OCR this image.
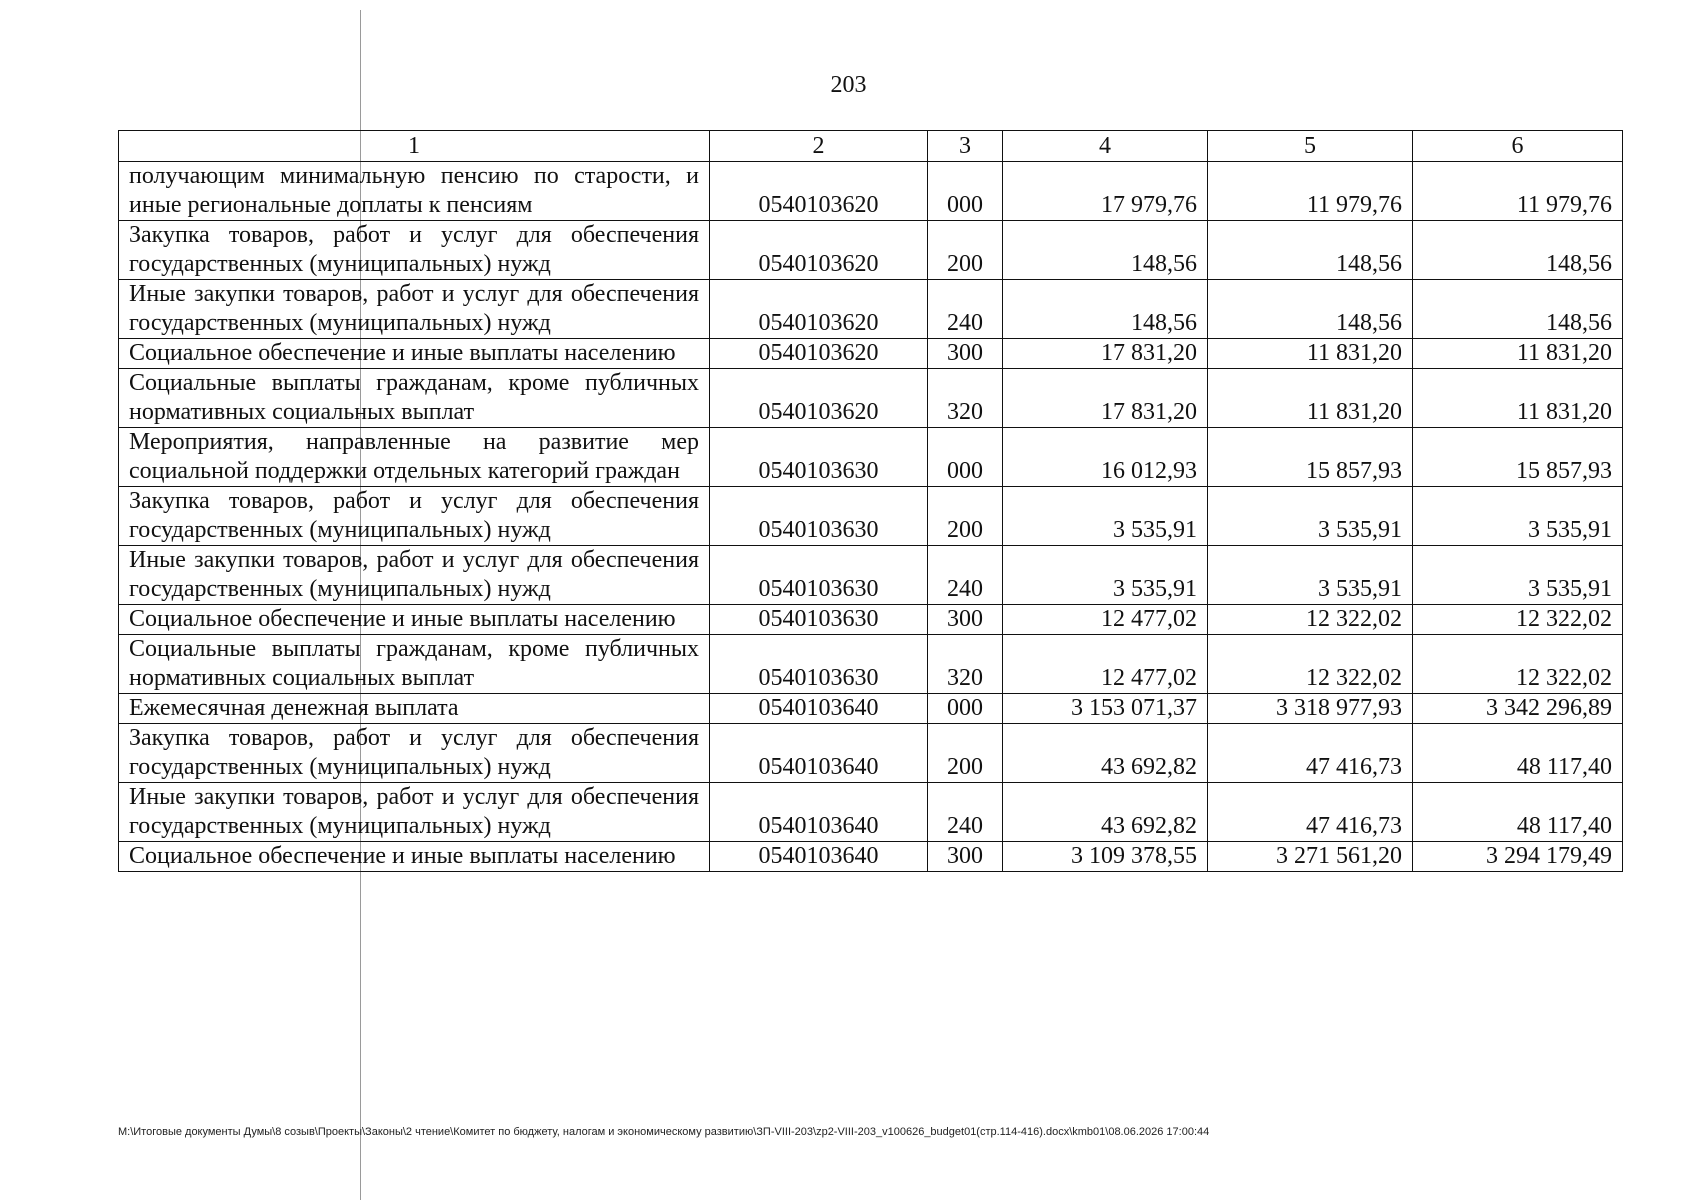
203
1	2	3	4	5	6
получающим минимальную пенсию по старости, и иные региональные доплаты к пенсиям	0540103620	000	17 979,76	11 979,76	11 979,76
Закупка товаров, работ и услуг для обеспечения государственных (муниципальных) нужд	0540103620	200	148,56	148,56	148,56
Иные закупки товаров, работ и услуг для обеспечения государственных (муниципальных) нужд	0540103620	240	148,56	148,56	148,56
Социальное обеспечение и иные выплаты населению	0540103620	300	17 831,20	11 831,20	11 831,20
Социальные выплаты гражданам, кроме публичных нормативных социальных выплат	0540103620	320	17 831,20	11 831,20	11 831,20
Мероприятия, направленные на развитие мер социальной поддержки отдельных категорий граждан	0540103630	000	16 012,93	15 857,93	15 857,93
Закупка товаров, работ и услуг для обеспечения государственных (муниципальных) нужд	0540103630	200	3 535,91	3 535,91	3 535,91
Иные закупки товаров, работ и услуг для обеспечения государственных (муниципальных) нужд	0540103630	240	3 535,91	3 535,91	3 535,91
Социальное обеспечение и иные выплаты населению	0540103630	300	12 477,02	12 322,02	12 322,02
Социальные выплаты гражданам, кроме публичных нормативных социальных выплат	0540103630	320	12 477,02	12 322,02	12 322,02
Ежемесячная денежная выплата	0540103640	000	3 153 071,37	3 318 977,93	3 342 296,89
Закупка товаров, работ и услуг для обеспечения государственных (муниципальных) нужд	0540103640	200	43 692,82	47 416,73	48 117,40
Иные закупки товаров, работ и услуг для обеспечения государственных (муниципальных) нужд	0540103640	240	43 692,82	47 416,73	48 117,40
Социальное обеспечение и иные выплаты населению	0540103640	300	3 109 378,55	3 271 561,20	3 294 179,49
M:\Итоговые документы Думы\8 созыв\Проекты\Законы\2 чтение\Комитет по бюджету, налогам и экономическому развитию\ЗП-VIII-203\zp2-VIII-203_v100626_budget01(стр.114-416).docx\kmb01\08.06.2026 17:00:44
